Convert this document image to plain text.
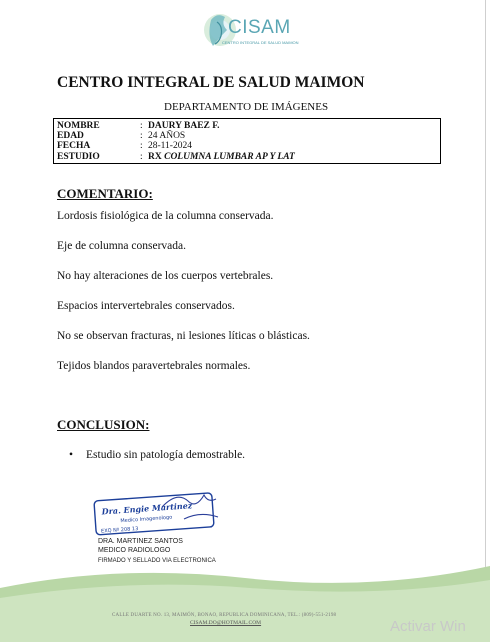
CISAM
CENTRO INTEGRAL DE SALUD MAIMON
CENTRO INTEGRAL DE SALUD MAIMON
DEPARTAMENTO DE IMÁGENES
NOMBRE	: DAURY BAEZ F.
EDAD	: 24 AÑOS
FECHA	: 28-11-2024
ESTUDIO	: RX COLUMNA LUMBAR AP Y LAT
COMENTARIO:
Lordosis fisiológica de la columna conservada.
Eje de columna conservada.
No hay alteraciones de los cuerpos vertebrales.
Espacios intervertebrales conservados.
No se observan fracturas, ni lesiones líticas o blásticas.
Tejidos blandos paravertebrales normales.
CONCLUSION:
• Estudio sin patología demostrable.
Dra. Engie Martinez
Medico Imagenologo
EXQ Nº 208 13
DRA. MARTINEZ SANTOS
MEDICO RADIOLOGO
FIRMADO Y SELLADO VIA ELECTRONICA
CALLE DUARTE NO. 13, MAIMÓN, BONAO, REPUBLICA DOMINICANA, TEL.: (809)-551-2198
CISAM.DO@HOTMAIL.COM	Activar Win
